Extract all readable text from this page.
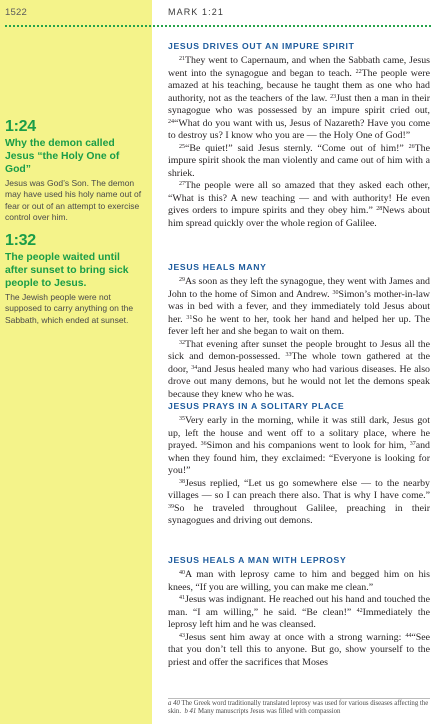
1522	MARK 1:21
1:24
Why the demon called Jesus “the Holy One of God”
Jesus was God’s Son. The demon may have used his holy name out of fear or out of an attempt to exercise control over him.
1:32
The people waited until after sunset to bring sick people to Jesus.
The Jewish people were not supposed to carry anything on the Sabbath, which ended at sunset.
JESUS DRIVES OUT AN IMPURE SPIRIT

$^{21}$They went to Capernaum, and when the Sabbath came, Jesus went into the synagogue and began to teach. $^{22}$The people were amazed at his teaching, because he taught them as one who had authority, not as the teachers of the law. $^{23}$Just then a man in their synagogue who was possessed by an impure spirit cried out, $^{24}$“What do you want with us, Jesus of Nazareth? Have you come to destroy us? I know who you are — the Holy One of God!”

$^{25}$“Be quiet!” said Jesus sternly. “Come out of him!” $^{26}$The impure spirit shook the man violently and came out of him with a shriek.

$^{27}$The people were all so amazed that they asked each other, “What is this? A new teaching — and with authority! He even gives orders to impure spirits and they obey him.” $^{28}$News about him spread quickly over the whole region of Galilee.

JESUS HEALS MANY

$^{29}$As soon as they left the synagogue, they went with James and John to the home of Simon and Andrew. $^{30}$Simon’s mother-in-law was in bed with a fever, and they immediately told Jesus about her. $^{31}$So he went to her, took her hand and helped her up. The fever left her and she began to wait on them.

$^{32}$That evening after sunset the people brought to Jesus all the sick and demon-possessed. $^{33}$The whole town gathered at the door, $^{34}$and Jesus healed many who had various diseases. He also drove out many demons, but he would not let the demons speak because they knew who he was.

JESUS PRAYS IN A SOLITARY PLACE

$^{35}$Very early in the morning, while it was still dark, Jesus got up, left the house and went off to a solitary place, where he prayed. $^{36}$Simon and his companions went to look for him, $^{37}$and when they found him, they exclaimed: “Everyone is looking for you!”

$^{38}$Jesus replied, “Let us go somewhere else — to the nearby villages — so I can preach there also. That is why I have come.” $^{39}$So he traveled throughout Galilee, preaching in their synagogues and driving out demons.

JESUS HEALS A MAN WITH LEPROSY

$^{40}$A man with leprosy came to him and begged him on his knees, “If you are willing, you can make me clean.”

$^{41}$Jesus was indignant. He reached out his hand and touched the man. “I am willing,” he said. “Be clean!” $^{42}$Immediately the leprosy left him and he was cleansed.

$^{43}$Jesus sent him away at once with a strong warning: $^{44}$“See that you don’t tell this to anyone. But go, show yourself to the priest and offer the sacrifices that Moses

a 40 The Greek word traditionally translated leprosy was used for various diseases affecting the skin. b 41 Many manuscripts Jesus was filled with compassion
